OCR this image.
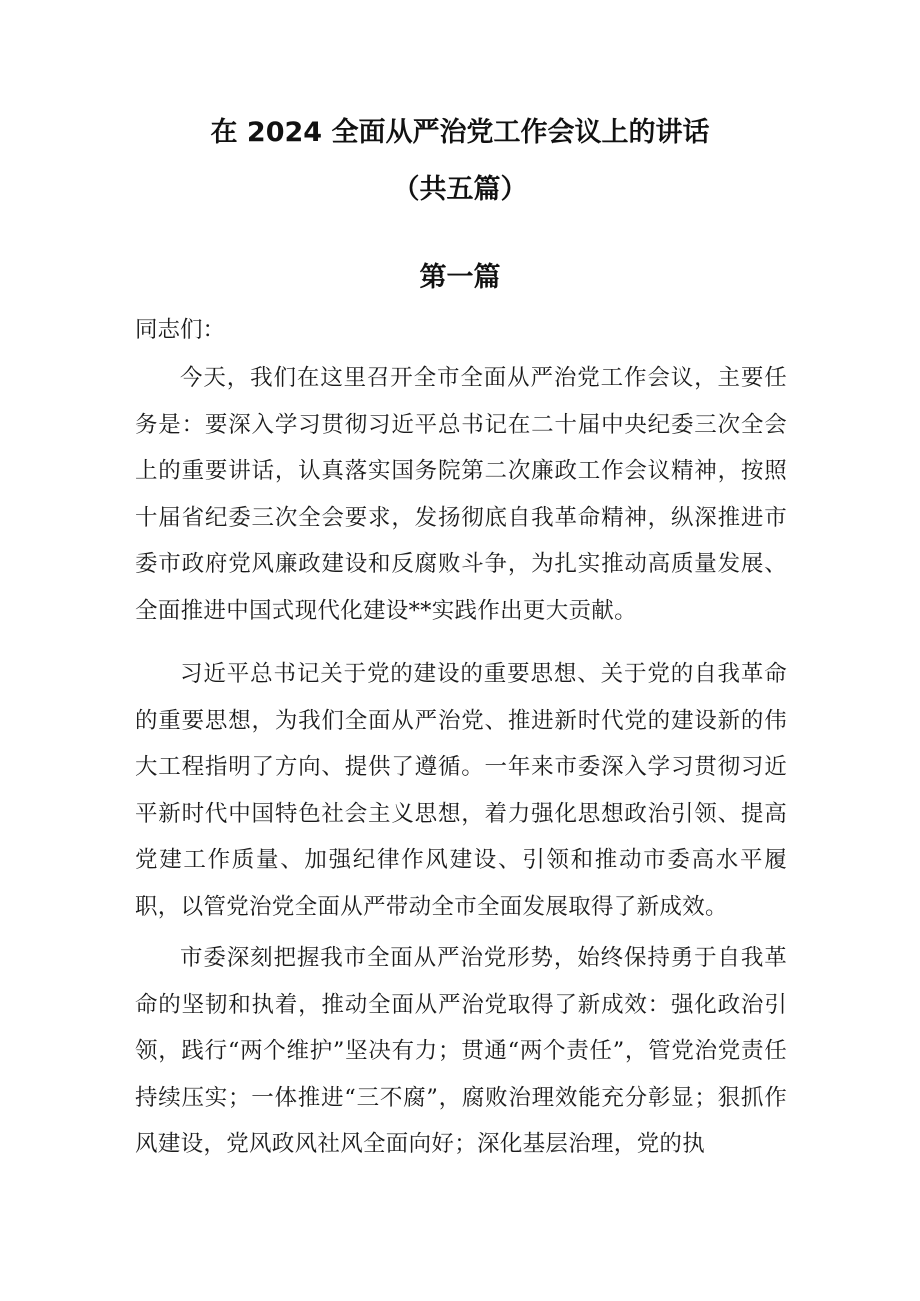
在 2024 全面从严治党工作会议上的讲话
（共五篇）
第一篇
同志们：

今天，我们在这里召开全市全面从严治党工作会议，主要任务是：要深入学习贯彻习近平总书记在二十届中央纪委三次全会上的重要讲话，认真落实国务院第二次廉政工作会议精神，按照十届省纪委三次全会要求，发扬彻底自我革命精神，纵深推进市委市政府党风廉政建设和反腐败斗争，为扎实推动高质量发展、全面推进中国式现代化建设**实践作出更大贡献。

习近平总书记关于党的建设的重要思想、关于党的自我革命的重要思想，为我们全面从严治党、推进新时代党的建设新的伟大工程指明了方向、提供了遵循。一年来市委深入学习贯彻习近平新时代中国特色社会主义思想，着力强化思想政治引领、提高党建工作质量、加强纪律作风建设、引领和推动市委高水平履职，以管党治党全面从严带动全市全面发展取得了新成效。

市委深刻把握我市全面从严治党形势，始终保持勇于自我革命的坚韧和执着，推动全面从严治党取得了新成效：强化政治引领，践行“两个维护”坚决有力；贯通“两个责任”，管党治党责任持续压实；一体推进“三不腐”，腐败治理效能充分彰显；狠抓作风建设，党风政风社风全面向好；深化基层治理，党的执
